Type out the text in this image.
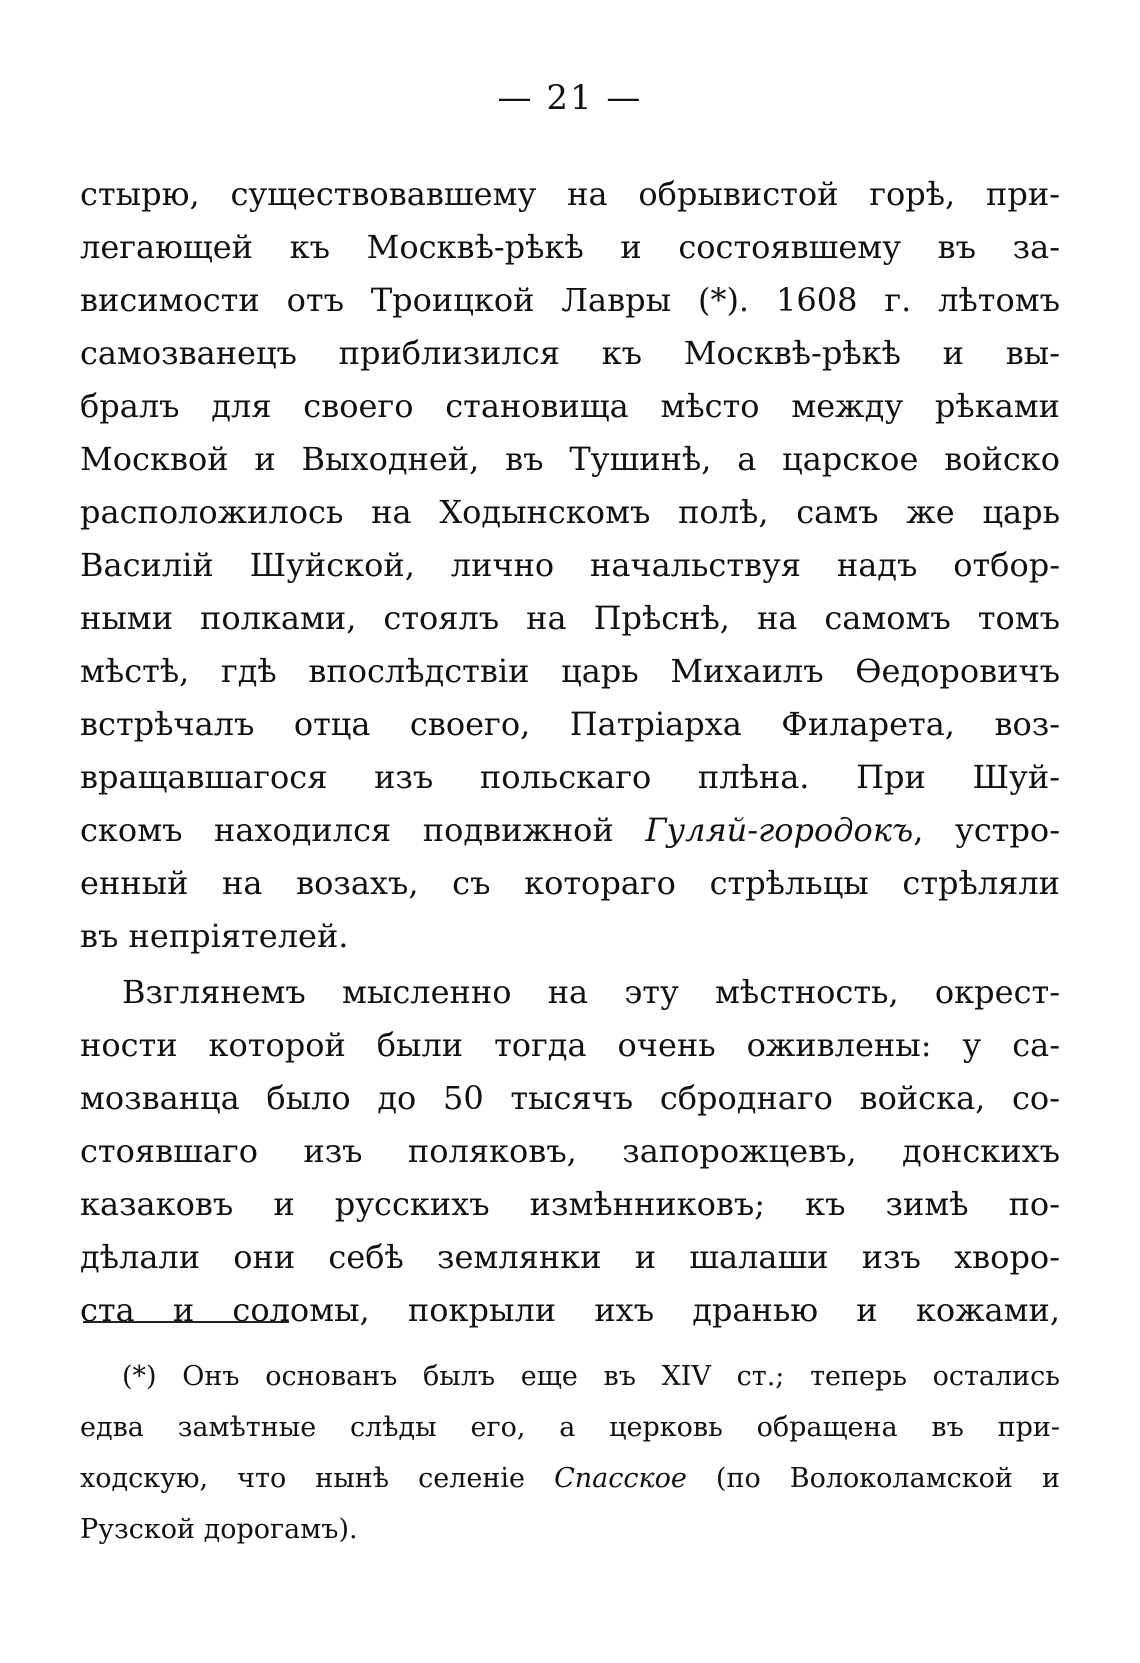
— 21 —
стырю, существовавшему на обрывистой горѣ, при-
легающей къ Москвѣ-рѣкѣ и состоявшему въ за-
висимости отъ Троицкой Лавры (*). 1608 г. лѣтомъ
самозванецъ приблизился къ Москвѣ-рѣкѣ и вы-
бралъ для своего становища мѣсто между рѣками
Москвой и Выходней, въ Тушинѣ, а царское войско
расположилось на Ходынскомъ полѣ, самъ же царь
Василій Шуйской, лично начальствуя надъ отбор-
ными полками, стоялъ на Прѣснѣ, на самомъ томъ
мѣстѣ, гдѣ впослѣдствіи царь Михаилъ Ѳедоровичъ
встрѣчалъ отца своего, Патріарха Филарета, воз-
вращавшагося изъ польскаго плѣна. При Шуй-
скомъ находился подвижной Гуляй-городокъ, устро-
енный на возахъ, съ котораго стрѣльцы стрѣляли
въ непріятелей.
Взглянемъ мысленно на эту мѣстность, окрест-
ности которой были тогда очень оживлены: у са-
мозванца было до 50 тысячъ сброднаго войска, со-
стоявшаго изъ поляковъ, запорожцевъ, донскихъ
казаковъ и русскихъ измѣнниковъ; къ зимѣ по-
дѣлали они себѣ землянки и шалаши изъ хворо-
ста и соломы, покрыли ихъ дранью и кожами,
(*) Онъ основанъ былъ еще въ XIV ст.; теперь остались
едва замѣтные слѣды его, а церковь обращена въ при-
ходскую, что нынѣ селеніе Спасское (по Волоколамской и
Рузской дорогамъ).
